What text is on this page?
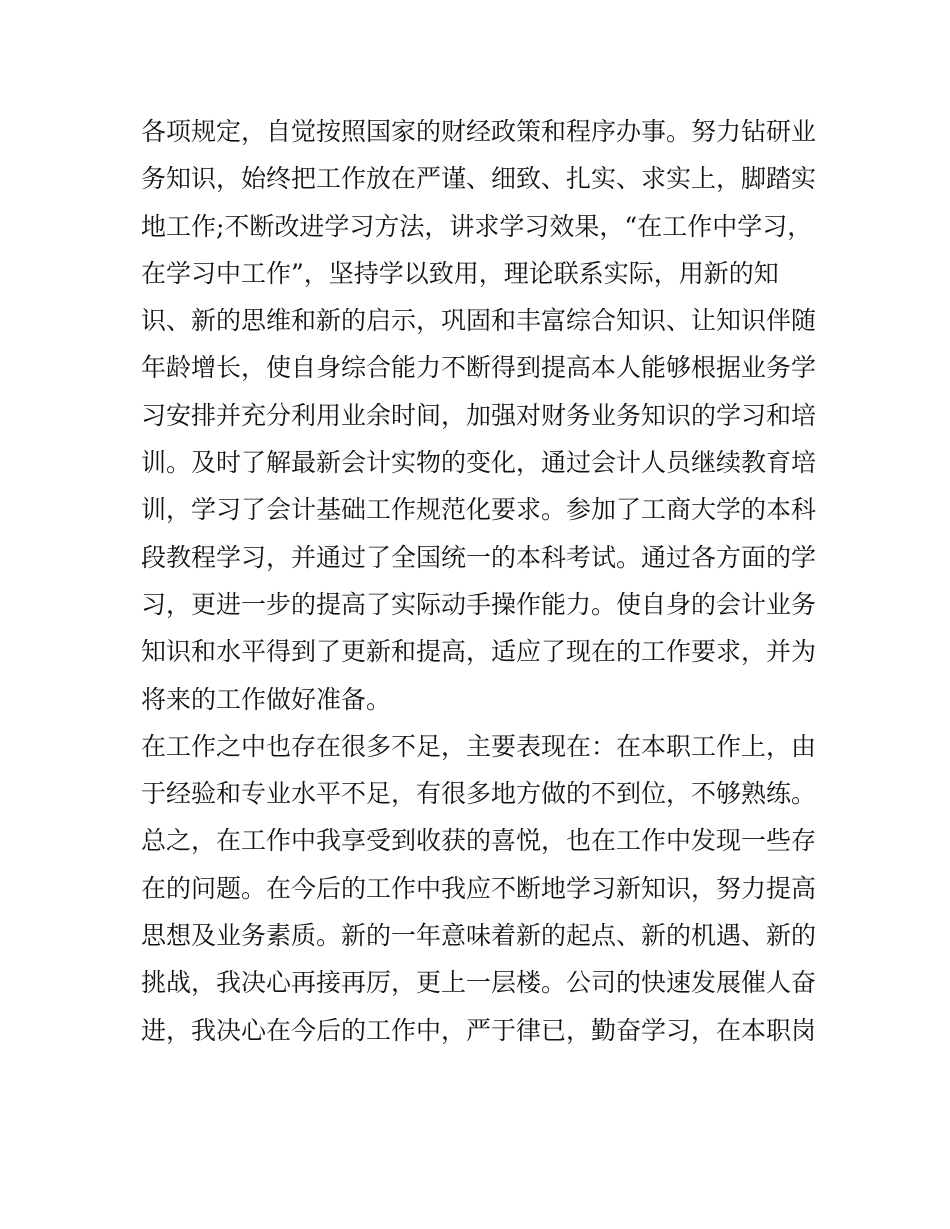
各项规定，自觉按照国家的财经政策和程序办事。努力钻研业
务知识，始终把工作放在严谨、细致、扎实、求实上，脚踏实
地工作;不断改进学习方法，讲求学习效果，“在工作中学习，
在学习中工作”，坚持学以致用，理论联系实际，用新的知
识、新的思维和新的启示，巩固和丰富综合知识、让知识伴随
年龄增长，使自身综合能力不断得到提高本人能够根据业务学
习安排并充分利用业余时间，加强对财务业务知识的学习和培
训。及时了解最新会计实物的变化，通过会计人员继续教育培
训，学习了会计基础工作规范化要求。参加了工商大学的本科
段教程学习，并通过了全国统一的本科考试。通过各方面的学
习，更进一步的提高了实际动手操作能力。使自身的会计业务
知识和水平得到了更新和提高，适应了现在的工作要求，并为
将来的工作做好准备。
在工作之中也存在很多不足，主要表现在：在本职工作上，由
于经验和专业水平不足，有很多地方做的不到位，不够熟练。
总之，在工作中我享受到收获的喜悦，也在工作中发现一些存
在的问题。在今后的工作中我应不断地学习新知识，努力提高
思想及业务素质。新的一年意味着新的起点、新的机遇、新的
挑战，我决心再接再厉，更上一层楼。公司的快速发展催人奋
进，我决心在今后的工作中，严于律已，勤奋学习，在本职岗
